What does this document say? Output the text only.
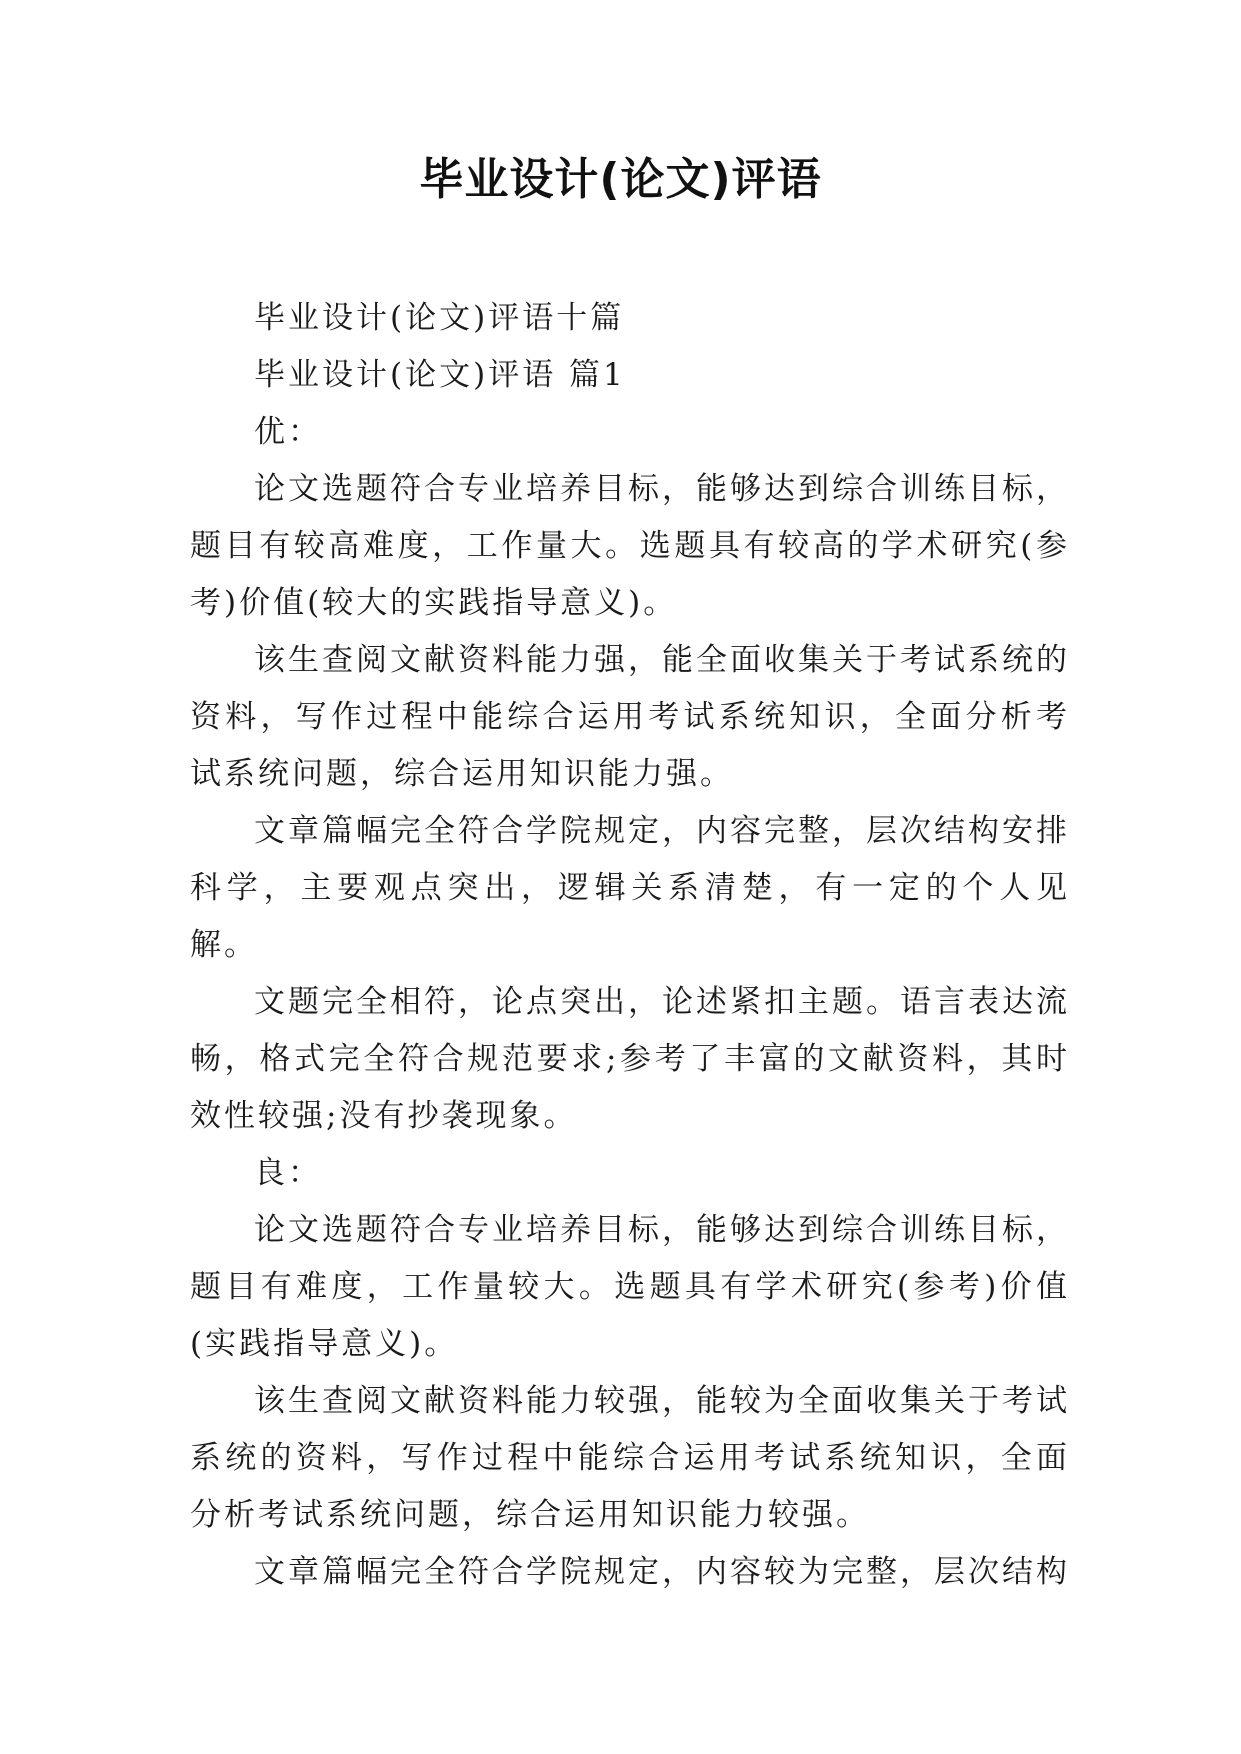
毕业设计(论文)评语

毕业设计(论文)评语十篇

毕业设计(论文)评语 篇1

优：

论文选题符合专业培养目标，能够达到综合训练目标，题目有较高难度，工作量大。选题具有较高的学术研究(参考)价值(较大的实践指导意义)。

该生查阅文献资料能力强，能全面收集关于考试系统的资料，写作过程中能综合运用考试系统知识，全面分析考试系统问题，综合运用知识能力强。

文章篇幅完全符合学院规定，内容完整，层次结构安排科学，主要观点突出，逻辑关系清楚，有一定的个人见解。

文题完全相符，论点突出，论述紧扣主题。语言表达流畅，格式完全符合规范要求;参考了丰富的文献资料，其时效性较强;没有抄袭现象。

良：

论文选题符合专业培养目标，能够达到综合训练目标，题目有难度，工作量较大。选题具有学术研究(参考)价值(实践指导意义)。

该生查阅文献资料能力较强，能较为全面收集关于考试系统的资料，写作过程中能综合运用考试系统知识，全面分析考试系统问题，综合运用知识能力较强。

文章篇幅完全符合学院规定，内容较为完整，层次结构
